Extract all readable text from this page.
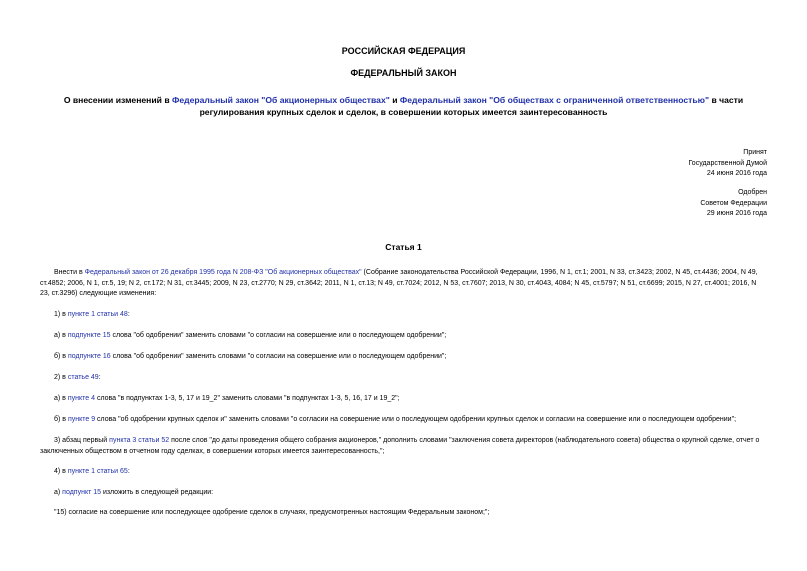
РОССИЙСКАЯ ФЕДЕРАЦИЯ
ФЕДЕРАЛЬНЫЙ ЗАКОН
О внесении изменений в Федеральный закон "Об акционерных обществах" и Федеральный закон "Об обществах с ограниченной ответственностью" в части регулирования крупных сделок и сделок, в совершении которых имеется заинтересованность
Принят
Государственной Думой
24 июня 2016 года
Одобрен
Советом Федерации
29 июня 2016 года
Статья 1
Внести в Федеральный закон от 26 декабря 1995 года N 208-ФЗ "Об акционерных обществах" (Собрание законодательства Российской Федерации, 1996, N 1, ст.1; 2001, N 33, ст.3423; 2002, N 45, ст.4436; 2004, N 49, ст.4852; 2006, N 1, ст.5, 19; N 2, ст.172; N 31, ст.3445; 2009, N 23, ст.2770; N 29, ст.3642; 2011, N 1, ст.13; N 49, ст.7024; 2012, N 53, ст.7607; 2013, N 30, ст.4043, 4084; N 45, ст.5797; N 51, ст.6699; 2015, N 27, ст.4001; 2016, N 23, ст.3296) следующие изменения:
1) в пункте 1 статьи 48:
а) в подпункте 15 слова "об одобрении" заменить словами "о согласии на совершение или о последующем одобрении";
б) в подпункте 16 слова "об одобрении" заменить словами "о согласии на совершение или о последующем одобрении";
2) в статье 49:
а) в пункте 4 слова "в подпунктах 1-3, 5, 17 и 19_2" заменить словами "в подпунктах 1-3, 5, 16, 17 и 19_2";
б) в пункте 9 слова "об одобрении крупных сделок и" заменить словами "о согласии на совершение или о последующем одобрении крупных сделок и согласии на совершение или о последующем одобрении";
3) абзац первый пункта 3 статьи 52 после слов "до даты проведения общего собрания акционеров," дополнить словами "заключения совета директоров (наблюдательного совета) общества о крупной сделке, отчет о заключенных обществом в отчетном году сделках, в совершении которых имеется заинтересованность,";
4) в пункте 1 статьи 65:
а) подпункт 15 изложить в следующей редакции:
"15) согласие на совершение или последующее одобрение сделок в случаях, предусмотренных настоящим Федеральным законом;";
